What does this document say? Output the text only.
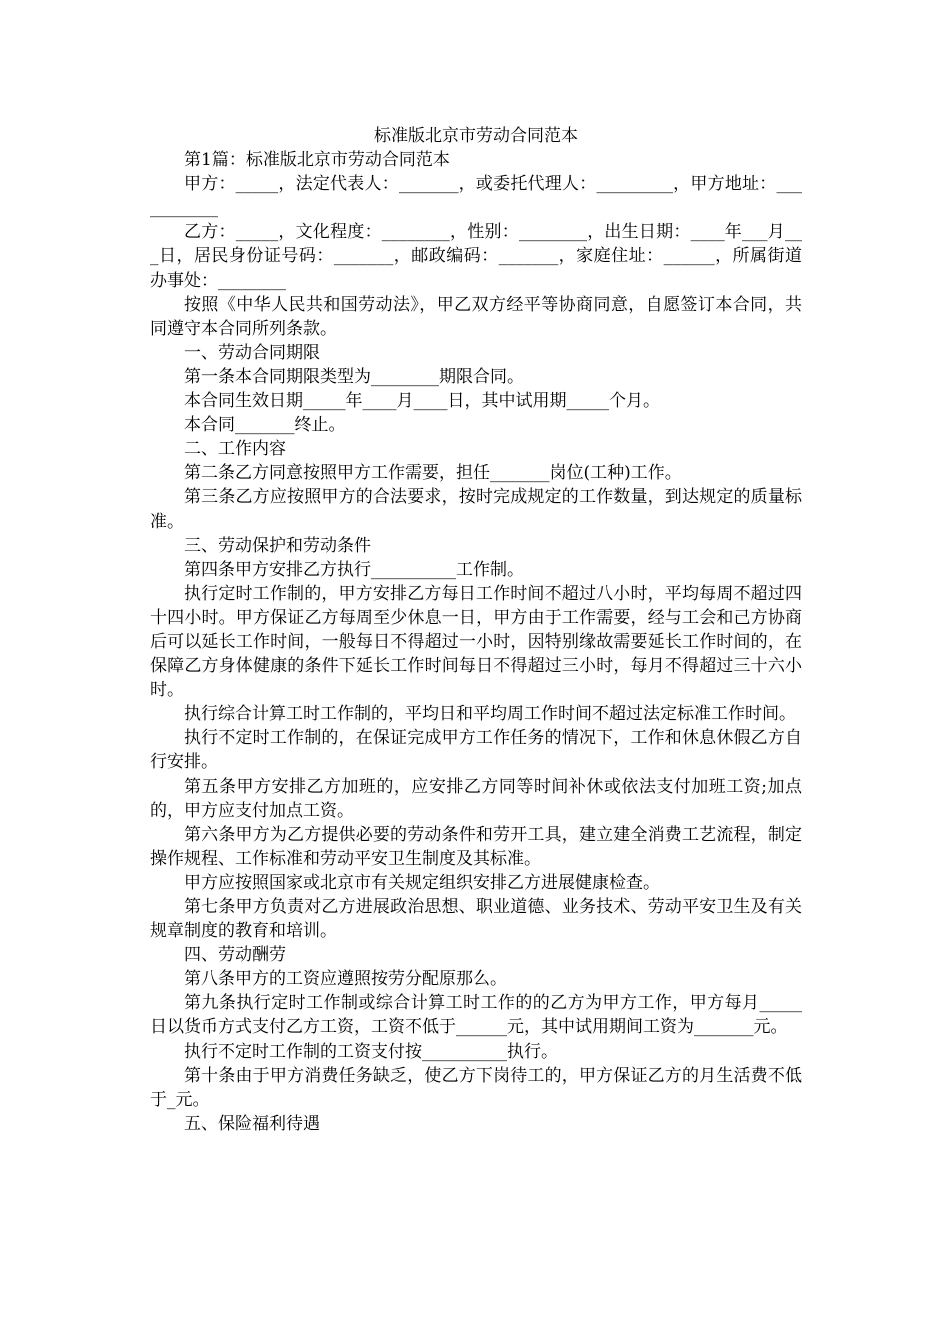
标准版北京市劳动合同范本

第1篇：标准版北京市劳动合同范本

甲方：_____，法定代表人：_______，或委托代理人：_________，甲方地址：___________

乙方：_____，文化程度：________，性别：________，出生日期：____年___月___日，居民身份证号码：_______，邮政编码：_______，家庭住址：______，所属街道办事处：________

按照《中华人民共和国劳动法》，甲乙双方经平等协商同意，自愿签订本合同，共同遵守本合同所列条款。

一、劳动合同期限

第一条本合同期限类型为________期限合同。

本合同生效日期_____年____月____日，其中试用期_____个月。

本合同_______终止。

二、工作内容

第二条乙方同意按照甲方工作需要，担任_______岗位(工种)工作。

第三条乙方应按照甲方的合法要求，按时完成规定的工作数量，到达规定的质量标准。

三、劳动保护和劳动条件

第四条甲方安排乙方执行__________工作制。

执行定时工作制的，甲方安排乙方每日工作时间不超过八小时，平均每周不超过四十四小时。甲方保证乙方每周至少休息一日，甲方由于工作需要，经与工会和己方协商后可以延长工作时间，一般每日不得超过一小时，因特别缘故需要延长工作时间的，在保障乙方身体健康的条件下延长工作时间每日不得超过三小时，每月不得超过三十六小时。

执行综合计算工时工作制的，平均日和平均周工作时间不超过法定标准工作时间。

执行不定时工作制的，在保证完成甲方工作任务的情况下，工作和休息休假乙方自行安排。

第五条甲方安排乙方加班的，应安排乙方同等时间补休或依法支付加班工资;加点的，甲方应支付加点工资。

第六条甲方为乙方提供必要的劳动条件和劳开工具，建立建全消费工艺流程，制定操作规程、工作标准和劳动平安卫生制度及其标准。

甲方应按照国家或北京市有关规定组织安排乙方进展健康检查。

第七条甲方负责对乙方进展政治思想、职业道德、业务技术、劳动平安卫生及有关规章制度的教育和培训。

四、劳动酬劳

第八条甲方的工资应遵照按劳分配原那么。

第九条执行定时工作制或综合计算工时工作的的乙方为甲方工作，甲方每月_____日以货币方式支付乙方工资，工资不低于______元，其中试用期间工资为_______元。

执行不定时工作制的工资支付按__________执行。

第十条由于甲方消费任务缺乏，使乙方下岗待工的，甲方保证乙方的月生活费不低于_元。

五、保险福利待遇
